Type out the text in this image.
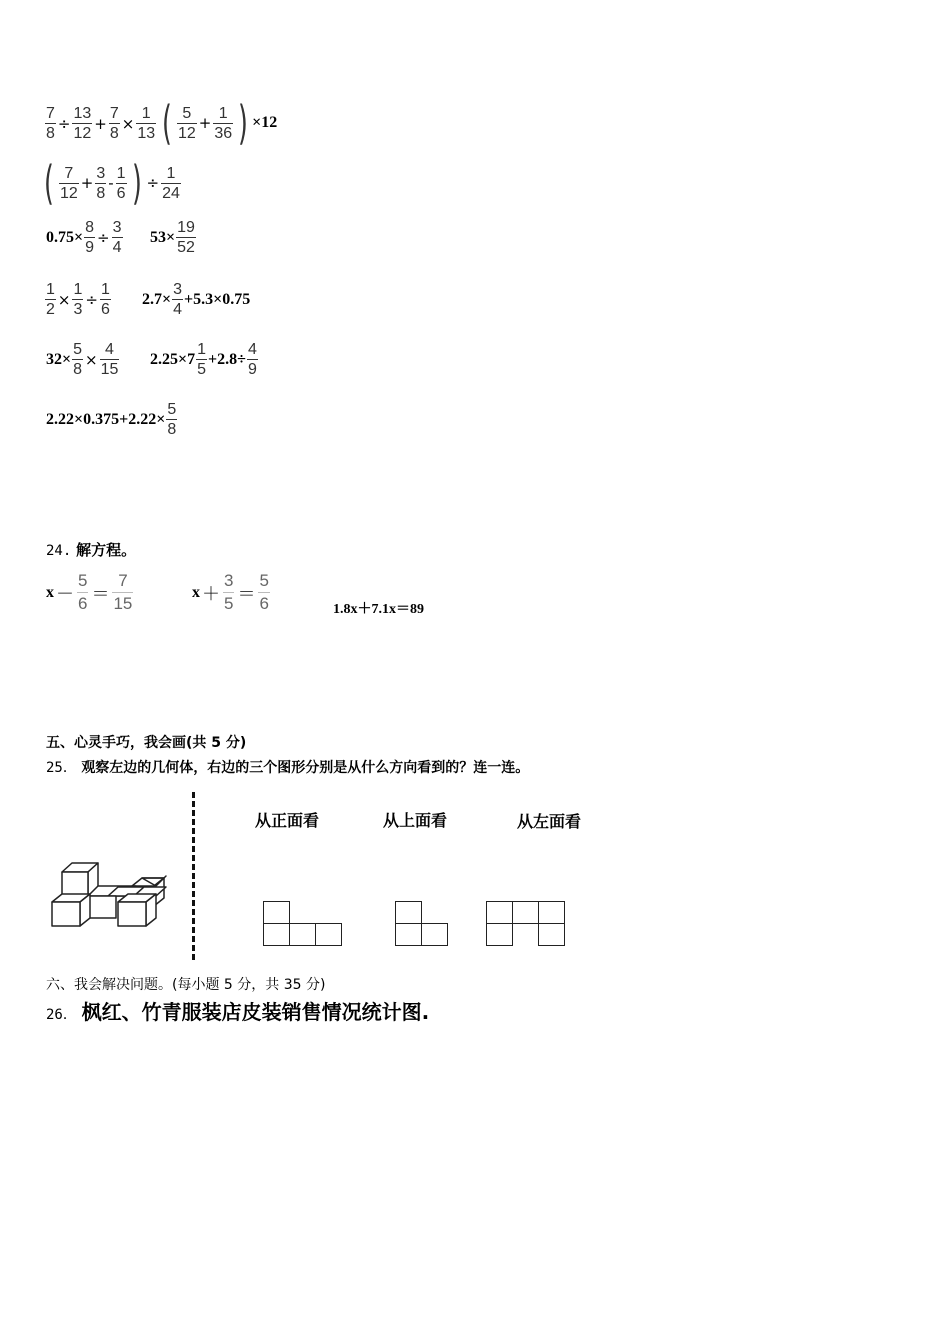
$\frac{7}{8} \div \frac{13}{12} + \frac{7}{8} \times \frac{1}{13}$ ( $\frac{5}{12} + \frac{1}{36}$ ) ×12
( $\frac{7}{12} + \frac{3}{8} - \frac{1}{6}$ ) ÷ $\frac{1}{24}$
$0.75\times \frac{8}{9} \div \frac{3}{4} 53\times \frac{19}{52}$
$\frac{1}{2} \times \frac{1}{3} \div \frac{1}{6} 2.7\times \frac{3}{4} +5.3\times 0.75$
$32\times \frac{5}{8} \times \frac{4}{15} 2.25\times 7 \frac{1}{5} +2.8\div \frac{4}{9}$
$2.22\times 0.375+2.22\times \frac{5}{8}$
24. 解方程。
$x - \frac{5}{6} = \frac{7}{15}$	$x + \frac{3}{5} = \frac{5}{6}$	1.8x＋7.1x＝89
五、心灵手巧，我会画(共 5 分)
25． 观察左边的几何体，右边的三个图形分别是从什么方向看到的？连一连。
从正面看	从上面看	从左面看
六、我会解决问题。(每小题 5 分，共 35 分)
26． 枫红、竹青服装店皮装销售情况统计图.
